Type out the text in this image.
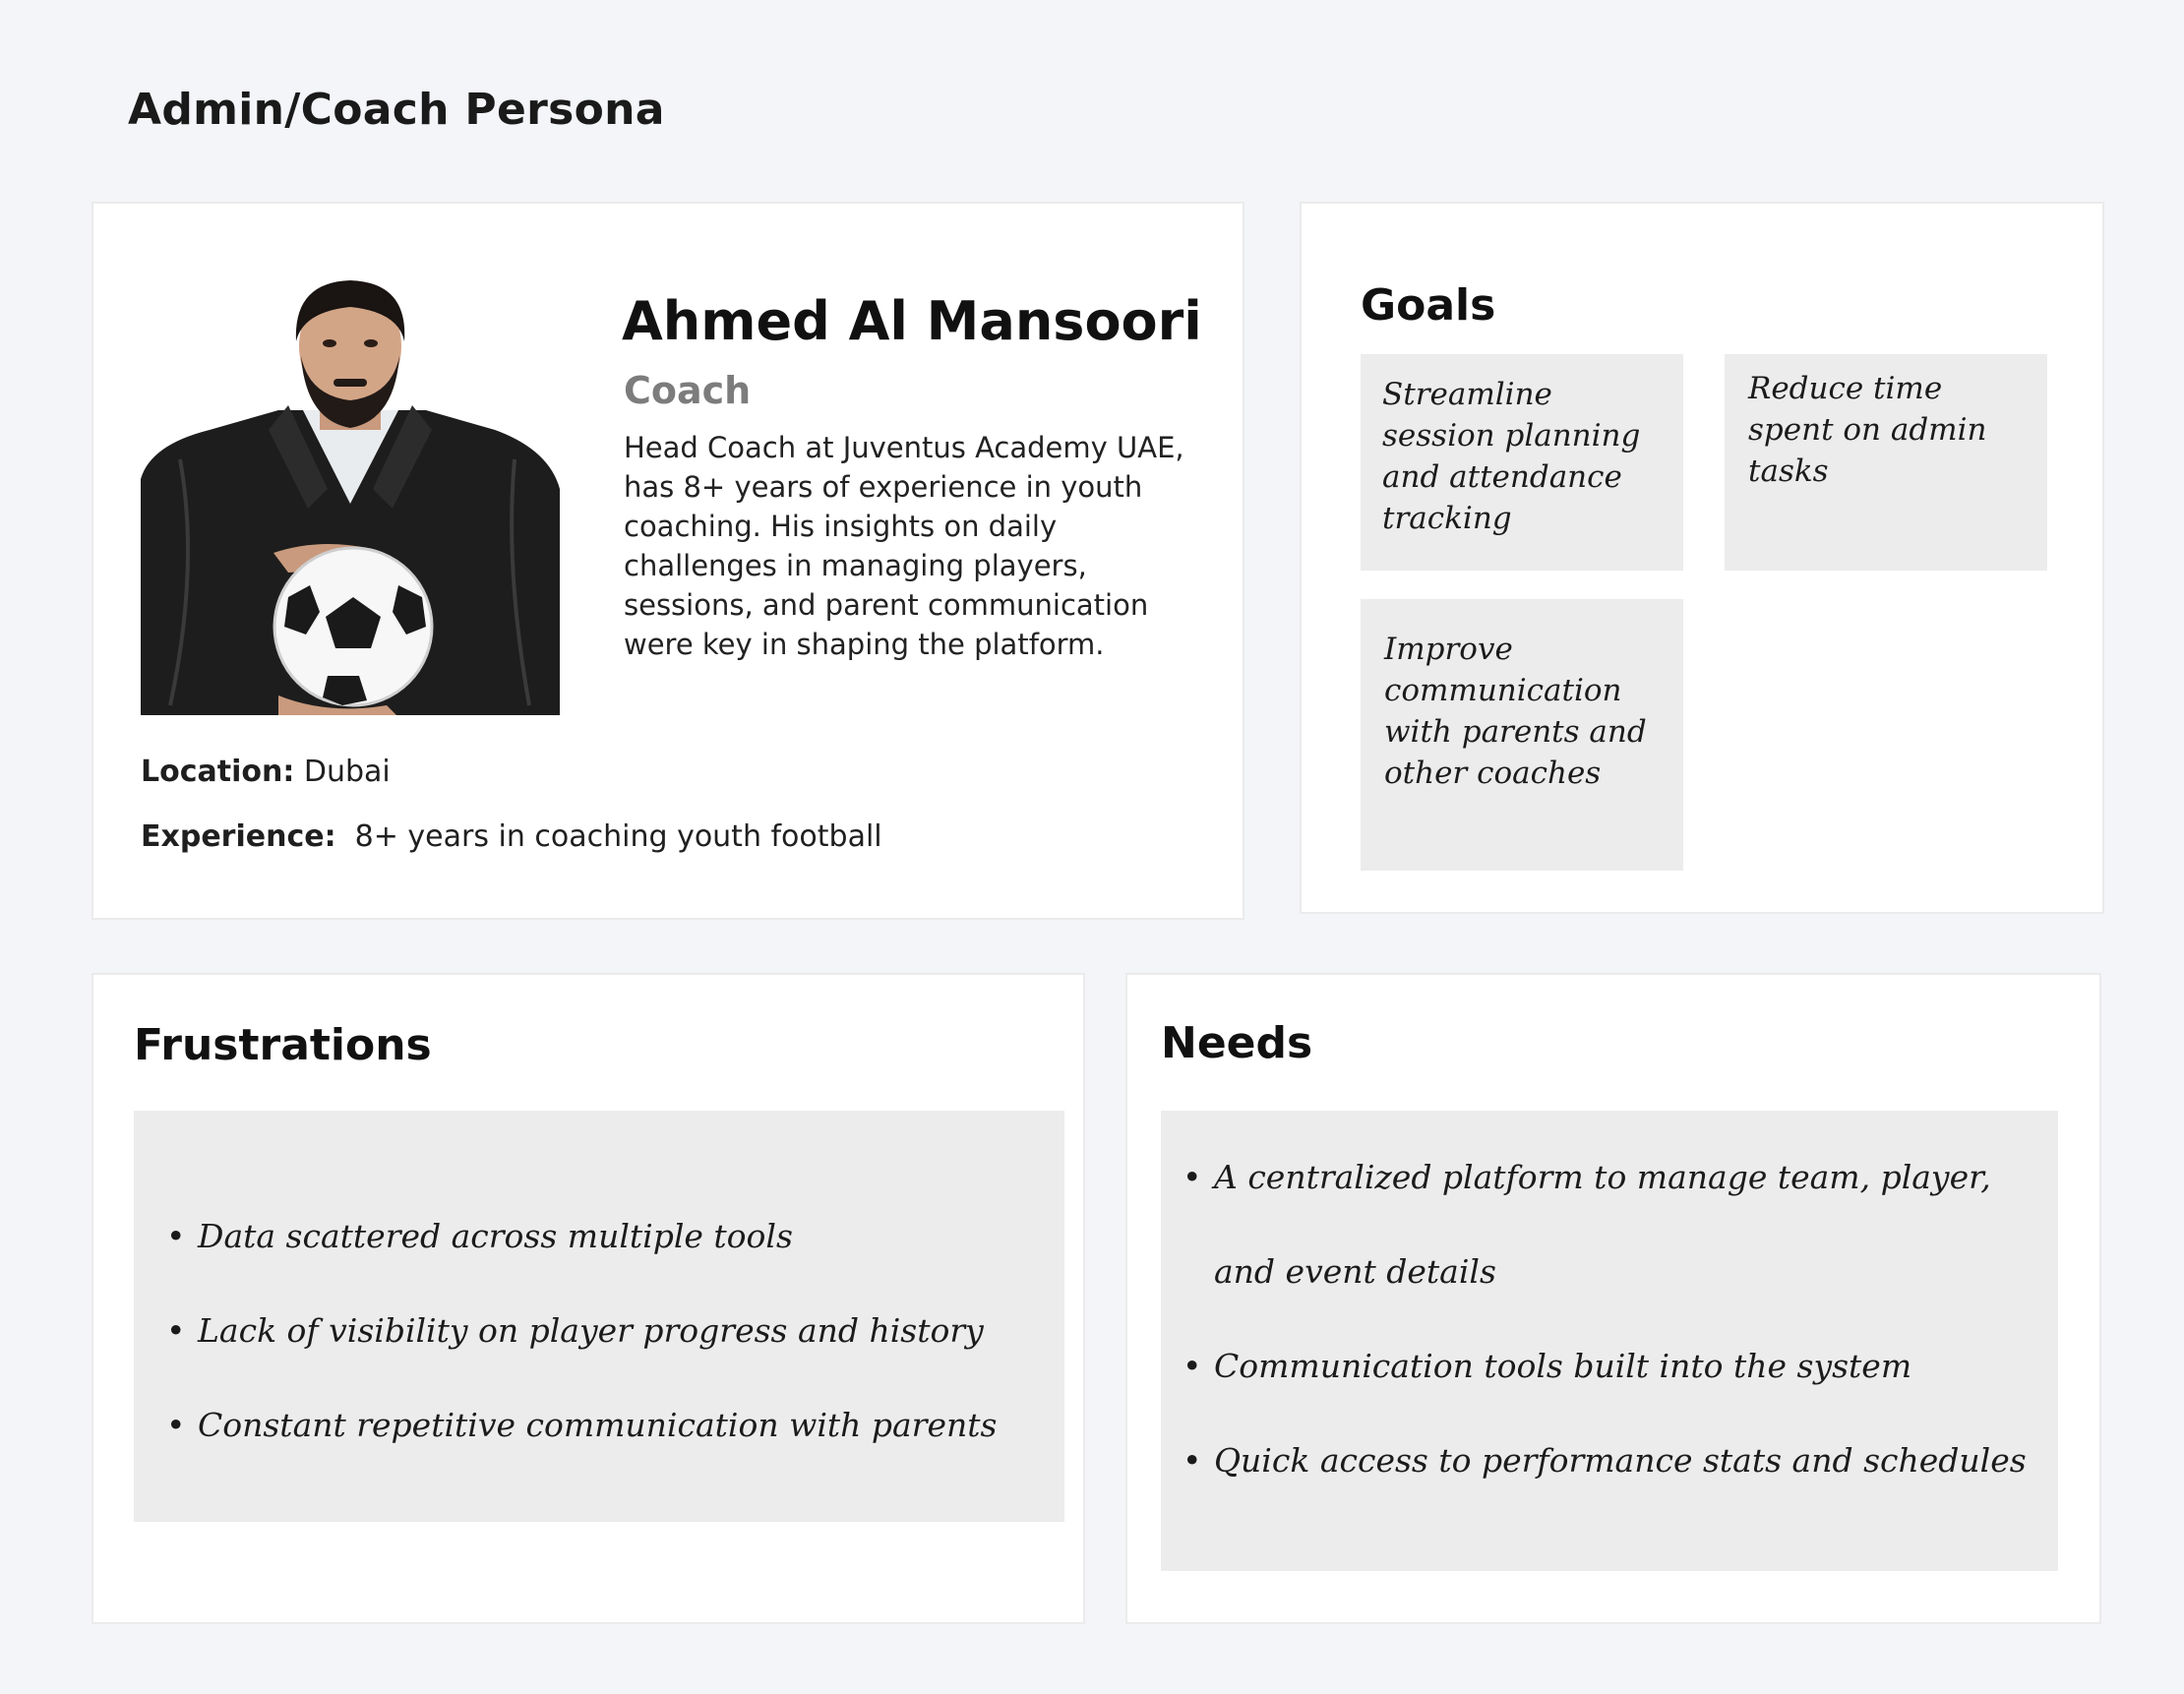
Admin/Coach Persona
Ahmed Al Mansoori
Coach
Head Coach at Juventus Academy UAE, has 8+ years of experience in youth coaching. His insights on daily challenges in managing players, sessions, and parent communication were key in shaping the platform.
Location: Dubai
Experience: 8+ years in coaching youth football
Goals
Streamline session planning and attendance tracking
Reduce time spent on admin tasks
Improve communication with parents and other coaches
Frustrations
• Data scattered across multiple tools
• Lack of visibility on player progress and history
• Constant repetitive communication with parents
Needs
• A centralized platform to manage team, player, and event details
• Communication tools built into the system
• Quick access to performance stats and schedules
